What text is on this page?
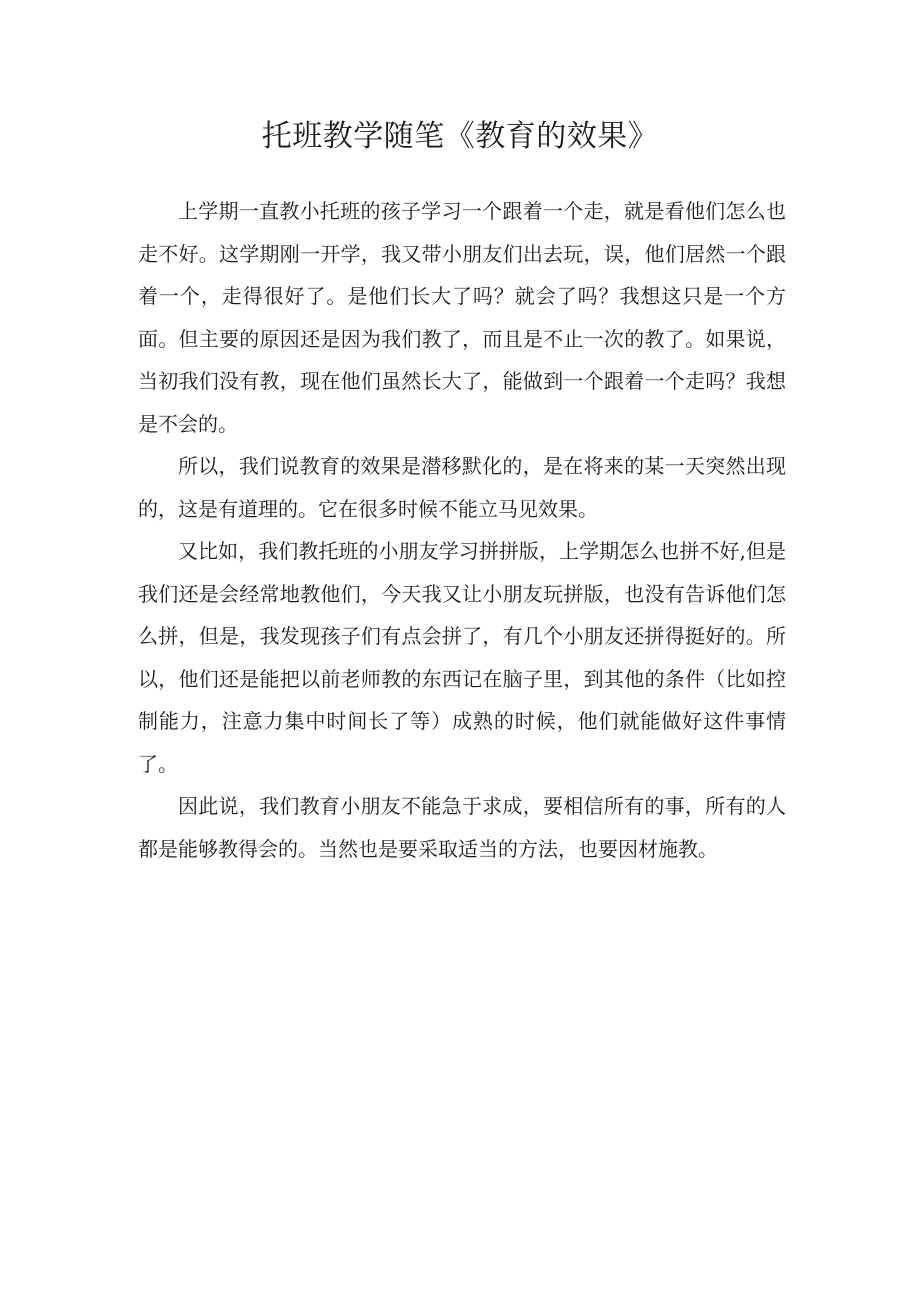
托班教学随笔《教育的效果》

上学期一直教小托班的孩子学习一个跟着一个走，就是看他们怎么也走不好。这学期刚一开学，我又带小朋友们出去玩，误，他们居然一个跟着一个，走得很好了。是他们长大了吗？就会了吗？我想这只是一个方面。但主要的原因还是因为我们教了，而且是不止一次的教了。如果说，当初我们没有教，现在他们虽然长大了，能做到一个跟着一个走吗？我想是不会的。

所以，我们说教育的效果是潜移默化的，是在将来的某一天突然出现的，这是有道理的。它在很多时候不能立马见效果。

又比如，我们教托班的小朋友学习拼拼版，上学期怎么也拼不好,但是我们还是会经常地教他们，今天我又让小朋友玩拼版，也没有告诉他们怎么拼，但是，我发现孩子们有点会拼了，有几个小朋友还拼得挺好的。所以，他们还是能把以前老师教的东西记在脑子里，到其他的条件（比如控制能力，注意力集中时间长了等）成熟的时候，他们就能做好这件事情了。

因此说，我们教育小朋友不能急于求成，要相信所有的事，所有的人都是能够教得会的。当然也是要采取适当的方法，也要因材施教。
